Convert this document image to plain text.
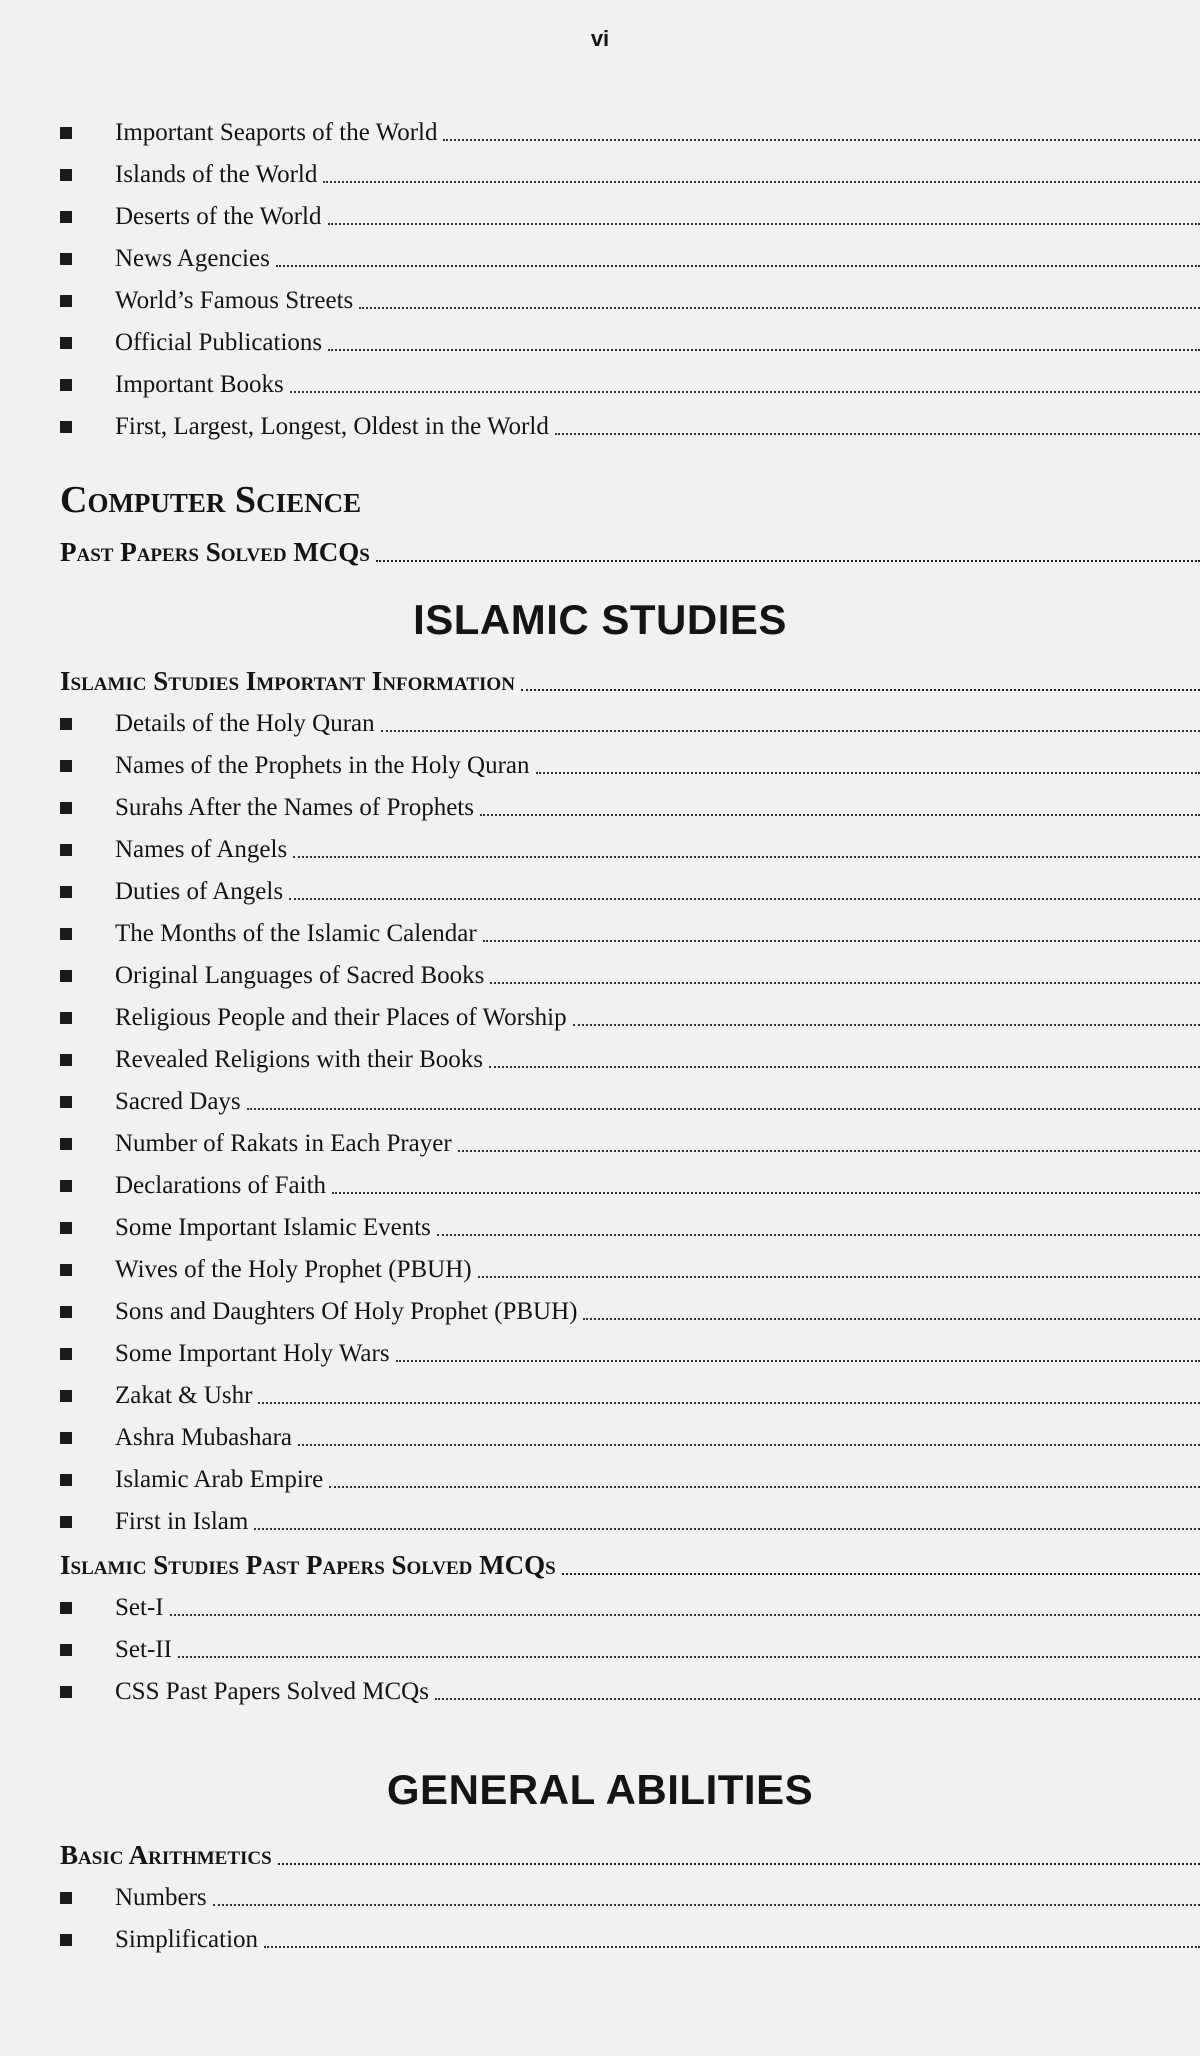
vi
Important Seaports of the World
Islands of the World
Deserts of the World
News Agencies
World’s Famous Streets
Official Publications
Important Books
First, Largest, Longest, Oldest in the World
Computer Science
Past Papers Solved MCQs
ISLAMIC STUDIES
Islamic Studies Important Information
Details of the Holy Quran
Names of the Prophets in the Holy Quran
Surahs After the Names of Prophets
Names of Angels
Duties of Angels
The Months of the Islamic Calendar
Original Languages of Sacred Books
Religious People and their Places of Worship
Revealed Religions with their Books
Sacred Days
Number of Rakats in Each Prayer
Declarations of Faith
Some Important Islamic Events
Wives of the Holy Prophet (PBUH)
Sons and Daughters Of Holy Prophet (PBUH)
Some Important Holy Wars
Zakat & Ushr
Ashra Mubashara
Islamic Arab Empire
First in Islam
Islamic Studies Past Papers Solved MCQs
Set-I
Set-II
CSS Past Papers Solved MCQs
GENERAL ABILITIES
Basic Arithmetics
Numbers
Simplification
